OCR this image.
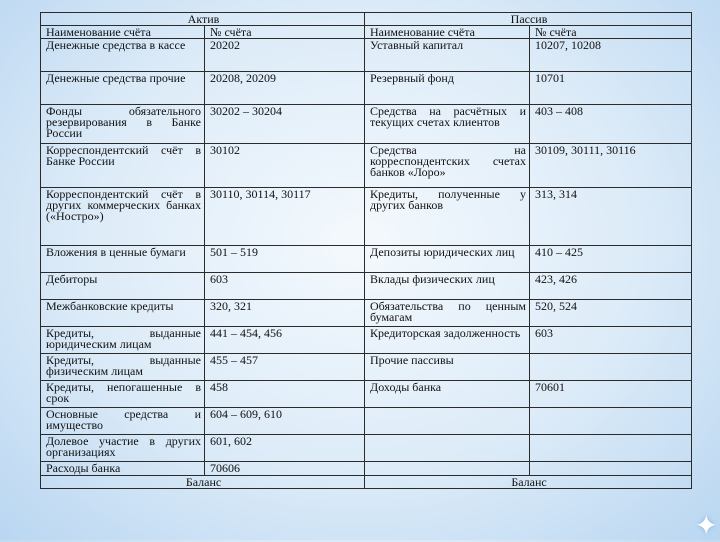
Актив		Пассив	
Наименование счёта	№ счёта	Наименование счёта	№ счёта
Денежные средства в кассе	20202	Уставный капитал	10207, 10208
Денежные средства прочие	20208, 20209	Резервный фонд	10701
Фонды обязательного резервирования в Банке России	30202 – 30204	Средства на расчётных и текущих счетах клиентов	403 – 408
Корреспондентский счёт в Банке России	30102	Средства на корреспондентских счетах банков «Лоро»	30109, 30111, 30116
Корреспондентский счёт в других коммерческих банках («Ностро»)	30110, 30114, 30117	Кредиты, полученные у других банков	313, 314
Вложения в ценные бумаги	501 – 519	Депозиты юридических лиц	410 – 425
Дебиторы	603	Вклады физических лиц	423, 426
Межбанковские кредиты	320, 321	Обязательства по ценным бумагам	520, 524
Кредиты, выданные юридическим лицам	441 – 454, 456	Кредиторская задолженность	603
Кредиты, выданные физическим лицам	455 – 457	Прочие пассивы	
Кредиты, непогашенные в срок	458	Доходы банка	70601
Основные средства и имущество	604 – 609, 610		
Долевое участие в других организациях	601, 602		
Расходы банка	70606		
Баланс		Баланс	
✦
